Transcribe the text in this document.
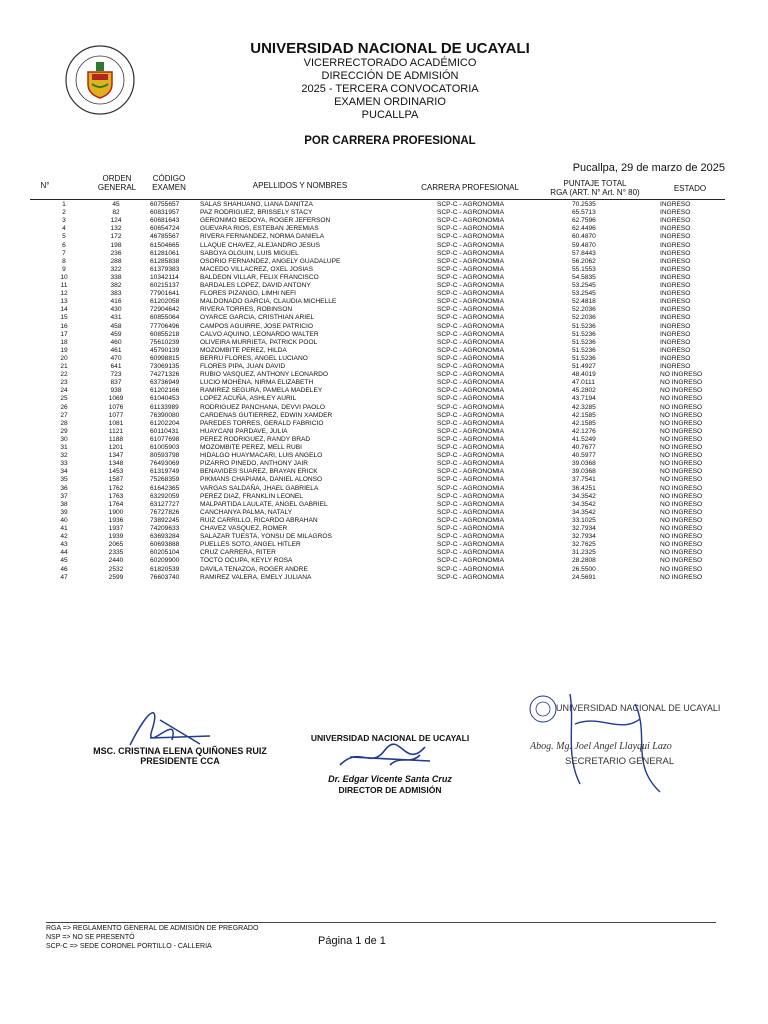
UNIVERSIDAD NACIONAL DE UCAYALI
VICERRECTORADO ACADÉMICO
DIRECCIÓN DE ADMISIÓN
2025 - TERCERA CONVOCATORIA
EXAMEN ORDINARIO
PUCALLPA
POR CARRERA PROFESIONAL
Pucallpa, 29 de marzo de 2025
N°
ORDEN
GENERAL
CÓDIGO
EXAMEN	APELLIDOS Y NOMBRES	CARRERA PROFESIONAL	PUNTAJE TOTAL
RGA (ART. N° Art. N° 80)	ESTADO
1	45	60755657	SALAS SHAHUANO, LIANA DANITZA	SCP-C - AGRONOMIA	70.2535	INGRESO
2	82	60831957	PAZ RODRIGUEZ, BRISSELY STACY	SCP-C - AGRONOMIA	65.5713	INGRESO
3	124	60681643	GERONIMO BEDOYA, ROGER JEFERSON	SCP-C - AGRONOMIA	62.7596	INGRESO
4	132	60654724	GUEVARA RIOS, ESTEBAN JEREMIAS	SCP-C - AGRONOMIA	62.4496	INGRESO
5	172	46785567	RIVERA FERNANDEZ, NORMA DANIELA	SCP-C - AGRONOMIA	60.4870	INGRESO
6	198	61504665	LLAQUE CHAVEZ, ALEJANDRO JESUS	SCP-C - AGRONOMIA	59.4870	INGRESO
7	236	61281061	SABOYA OLGUIN, LUIS MIGUEL	SCP-C - AGRONOMIA	57.8443	INGRESO
8	288	61285838	OSORIO FERNANDEZ, ANGELY GUADALUPE	SCP-C - AGRONOMIA	56.2062	INGRESO
9	322	61379383	MACEDO VILLACREZ, OXEL JOSIAS	SCP-C - AGRONOMIA	55.1553	INGRESO
10	338	10342114	BALDEON VILLAR, FELIX FRANCISCO	SCP-C - AGRONOMIA	54.5835	INGRESO
11	382	60215137	BARDALES LOPEZ, DAVID ANTONY	SCP-C - AGRONOMIA	53.2545	INGRESO
12	383	77901641	FLORES PIZANGO, LIMHI NEFI	SCP-C - AGRONOMIA	53.2545	INGRESO
13	416	61202058	MALDONADO GARCIA, CLAUDIA MICHELLE	SCP-C - AGRONOMIA	52.4818	INGRESO
14	430	72904642	RIVERA TORRES, ROBINSON	SCP-C - AGRONOMIA	52.2036	INGRESO
15	431	60855064	OYARCE GARCIA, CRISTHIAN ARIEL	SCP-C - AGRONOMIA	52.2036	INGRESO
16	458	77706496	CAMPOS AGUIRRE, JOSE PATRICIO	SCP-C - AGRONOMIA	51.5236	INGRESO
17	459	60855218	CALVO AQUINO, LEONARDO WALTER	SCP-C - AGRONOMIA	51.5236	INGRESO
18	460	75610239	OLIVEIRA MURRIETA, PATRICK POOL	SCP-C - AGRONOMIA	51.5236	INGRESO
19	461	45790139	MOZOMBITE PEREZ, HILDA	SCP-C - AGRONOMIA	51.5236	INGRESO
20	470	60998815	BERRU FLORES, ANGEL LUCIANO	SCP-C - AGRONOMIA	51.5236	INGRESO
21	641	73069135	FLORES PIPA, JUAN DAVID	SCP-C - AGRONOMIA	51.4927	INGRESO
22	723	74271326	RUBIO VASQUEZ, ANTHONY LEONARDO	SCP-C - AGRONOMIA	48.4019	NO INGRESO
23	837	63736949	LUCIO MOHENA, NIRMA ELIZABETH	SCP-C - AGRONOMIA	47.0111	NO INGRESO
24	938	61202166	RAMIREZ SEGURA, PAMELA MADELEY	SCP-C - AGRONOMIA	45.2802	NO INGRESO
25	1069	61040453	LOPEZ ACUÑA, ASHLEY AURIL	SCP-C - AGRONOMIA	43.7194	NO INGRESO
26	1076	61133989	RODRIGUEZ PANCHANA, DEVVI PAOLO	SCP-C - AGRONOMIA	42.3285	NO INGRESO
27	1077	76390080	CARDENAS GUTIERREZ, EDWIN XAMDER	SCP-C - AGRONOMIA	42.1585	NO INGRESO
28	1081	61202204	PAREDES TORRES, GERALD FABRICIO	SCP-C - AGRONOMIA	42.1585	NO INGRESO
29	1121	60110431	HUAYCANI PARDAVE, JULIA	SCP-C - AGRONOMIA	42.1276	NO INGRESO
30	1188	61077698	PEREZ RODRIGUEZ, RANDY BRAD	SCP-C - AGRONOMIA	41.5249	NO INGRESO
31	1201	61005903	MOZOMBITE PEREZ, MELL RUBI	SCP-C - AGRONOMIA	40.7677	NO INGRESO
32	1347	80593798	HIDALGO HUAYMACARI, LUIS ANGELO	SCP-C - AGRONOMIA	40.5977	NO INGRESO
33	1348	76493069	PIZARRO PINEDO, ANTHONY JAIR	SCP-C - AGRONOMIA	39.0368	NO INGRESO
34	1453	61319749	BENAVIDES SUAREZ, BRAYAN ERICK	SCP-C - AGRONOMIA	39.0368	NO INGRESO
35	1587	75268359	PIKMANS CHAPIAMA, DANIEL ALONSO	SCP-C - AGRONOMIA	37.7541	NO INGRESO
36	1762	61642365	VARGAS SALDAÑA, JHAEL GABRIELA	SCP-C - AGRONOMIA	36.4251	NO INGRESO
37	1763	63292059	PEREZ DIAZ, FRANKLIN LEONEL	SCP-C - AGRONOMIA	34.3542	NO INGRESO
38	1764	63127727	MALPARTIDA LAULATE, ANGEL GABRIEL	SCP-C - AGRONOMIA	34.3542	NO INGRESO
39	1900	76727826	CANCHANYA PALMA, NATALY	SCP-C - AGRONOMIA	34.3542	NO INGRESO
40	1936	73892245	RUIZ CARRILLO, RICARDO ABRAHAN	SCP-C - AGRONOMIA	33.1025	NO INGRESO
41	1937	74209633	CHAVEZ VASQUEZ, ROMER	SCP-C - AGRONOMIA	32.7934	NO INGRESO
42	1939	63693284	SALAZAR TUESTA, YONSU DE MILAGROS	SCP-C - AGRONOMIA	32.7934	NO INGRESO
43	2065	60693888	PUELLES SOTO, ANGEL HITLER	SCP-C - AGRONOMIA	32.7625	NO INGRESO
44	2335	60205104	CRUZ CARRERA, RITER	SCP-C - AGRONOMIA	31.2325	NO INGRESO
45	2440	60209900	TOCTO OCUPA, KEYLY ROSA	SCP-C - AGRONOMIA	28.2808	NO INGRESO
46	2532	61820539	DAVILA TENAZOA, ROGER ANDRE	SCP-C - AGRONOMIA	26.5500	NO INGRESO
47	2599	76603740	RAMIREZ VALERA, EMELY JULIANA	SCP-C - AGRONOMIA	24.5691	NO INGRESO
MSC. CRISTINA ELENA QUIÑONES RUIZ
PRESIDENTE CCA
UNIVERSIDAD NACIONAL DE UCAYALI
Dr. Edgar Vicente Santa Cruz
DIRECTOR DE ADMISIÓN
UNIVERSIDAD NACIONAL DE UCAYALI
Abog. Mg. Joel Angel Llayqui Lazo
SECRETARIO GENERAL
RGA => REGLAMENTO GENERAL DE ADMISIÓN DE PREGRADO
NSP => NO SE PRESENTÓ
SCP-C => SEDE CORONEL PORTILLO - CALLERIA	Página 1 de 1
